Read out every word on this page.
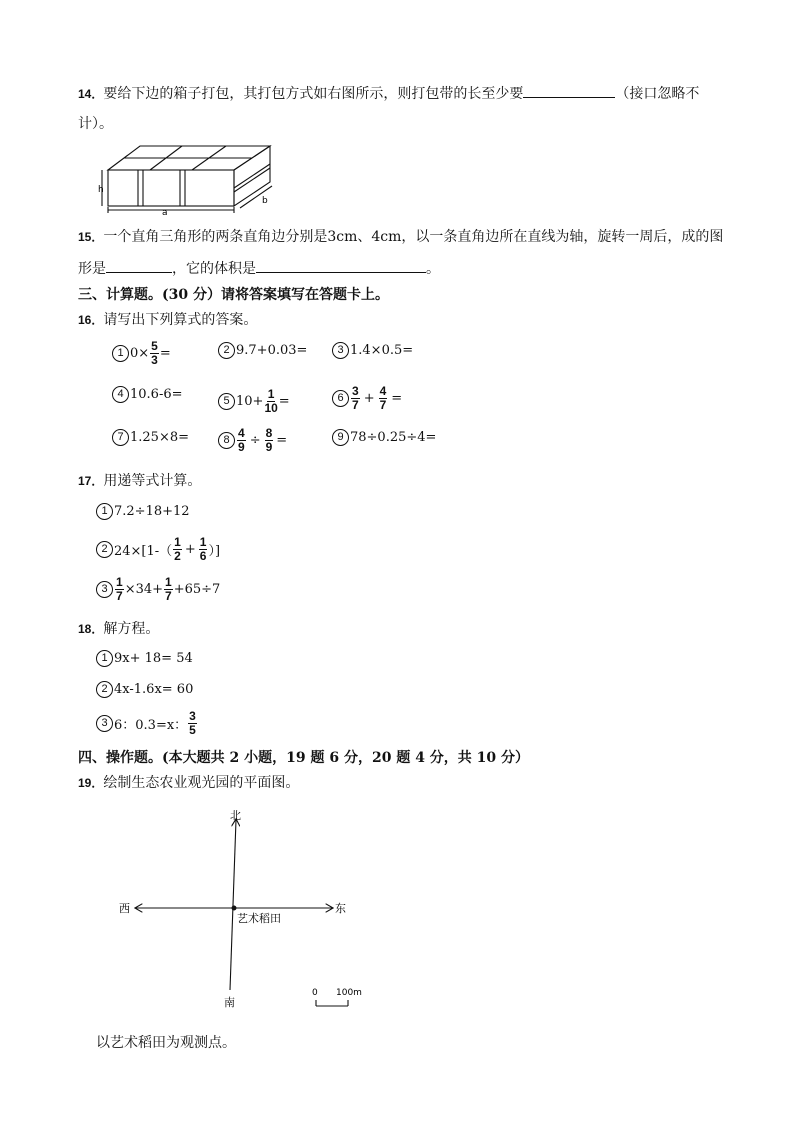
14．要给下边的箱子打包，其打包方式如右图所示，则打包带的长至少要	（接口忽略不
计）。
h
a
b
15．一个直角三角形的两条直角边分别是3cm、4cm，以一条直角边所在直线为轴，旋转一周后，成的图
形是	，它的体积是	。
三、计算题。(30 分）请将答案填写在答题卡上。
16．请写出下列算式的答案。
1 $0\times \frac{5}{3}$ =	2 9.7+0.03=	3 1.4×0.5=
4 10.6-6=	5 $10+ \frac{1}{10}$ =	$6 \frac{3}{7} + \frac{4}{7}$ =
7 1.25×8=	$8 \frac{4}{9} \div \frac{8}{9}$ =	9 78÷0.25÷4=
17．用递等式计算。
1 7.2÷18+12
2 $24\times[1-( \frac{1}{2} + \frac{1}{6}$ ）]
$3 \frac{1}{7} \times 34+ \frac{1}{7} +65\div 7$
18．解方程。
1 9x+ 18= 54
2 4x-1.6x= 60
3 6：0.3=x： $\frac{3}{5}$
四、操作题。(本大题共 2 小题，19 题 6 分，20 题 4 分，共 10 分）
19．绘制生态农业观光园的平面图。
北
南
西	东
艺术稻田
0 100m
以艺术稻田为观测点。
